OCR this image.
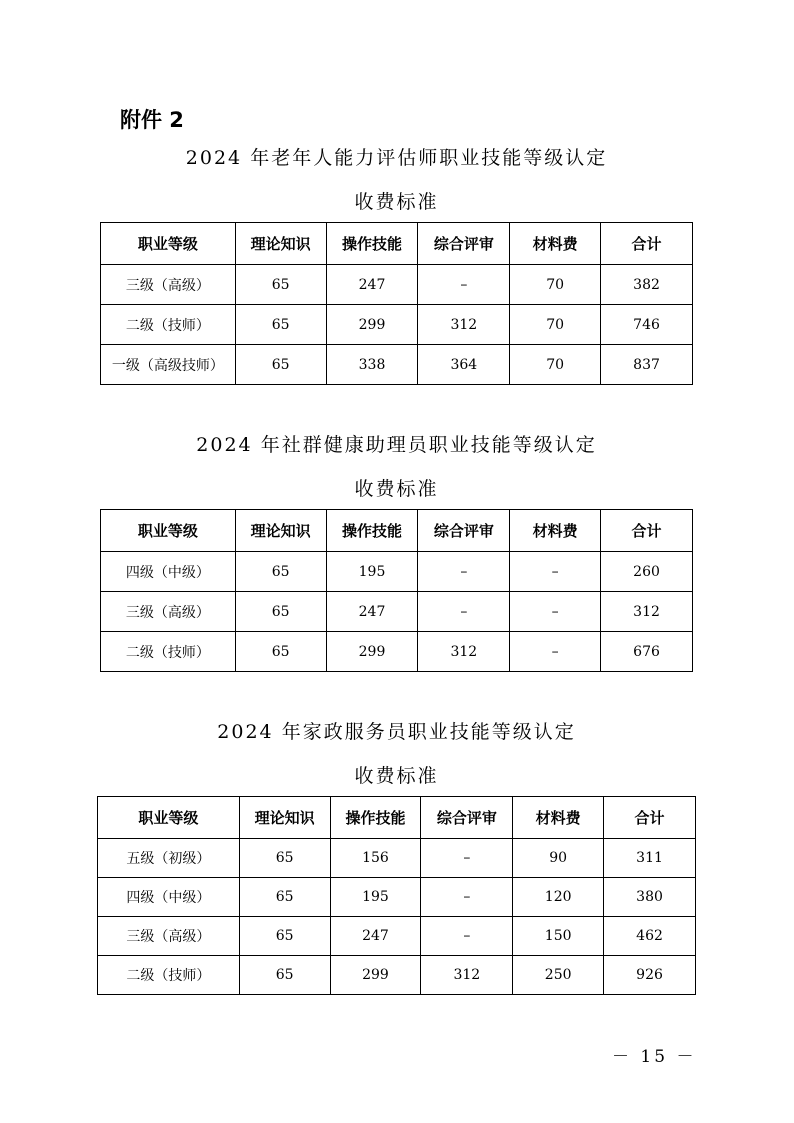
附件 2
2024 年老年人能力评估师职业技能等级认定
收费标准
职业等级	理论知识	操作技能	综合评审	材料费	合计
三级（高级）	65	247	–	70	382
二级（技师）	65	299	312	70	746
一级（高级技师）	65	338	364	70	837
2024 年社群健康助理员职业技能等级认定
收费标准
职业等级	理论知识	操作技能	综合评审	材料费	合计
四级（中级）	65	195	–	–	260
三级（高级）	65	247	–	–	312
二级（技师）	65	299	312	–	676
2024 年家政服务员职业技能等级认定
收费标准
职业等级	理论知识	操作技能	综合评审	材料费	合计
五级（初级）	65	156	–	90	311
四级（中级）	65	195	–	120	380
三级（高级）	65	247	–	150	462
二级（技师）	65	299	312	250	926
－ 15 －
